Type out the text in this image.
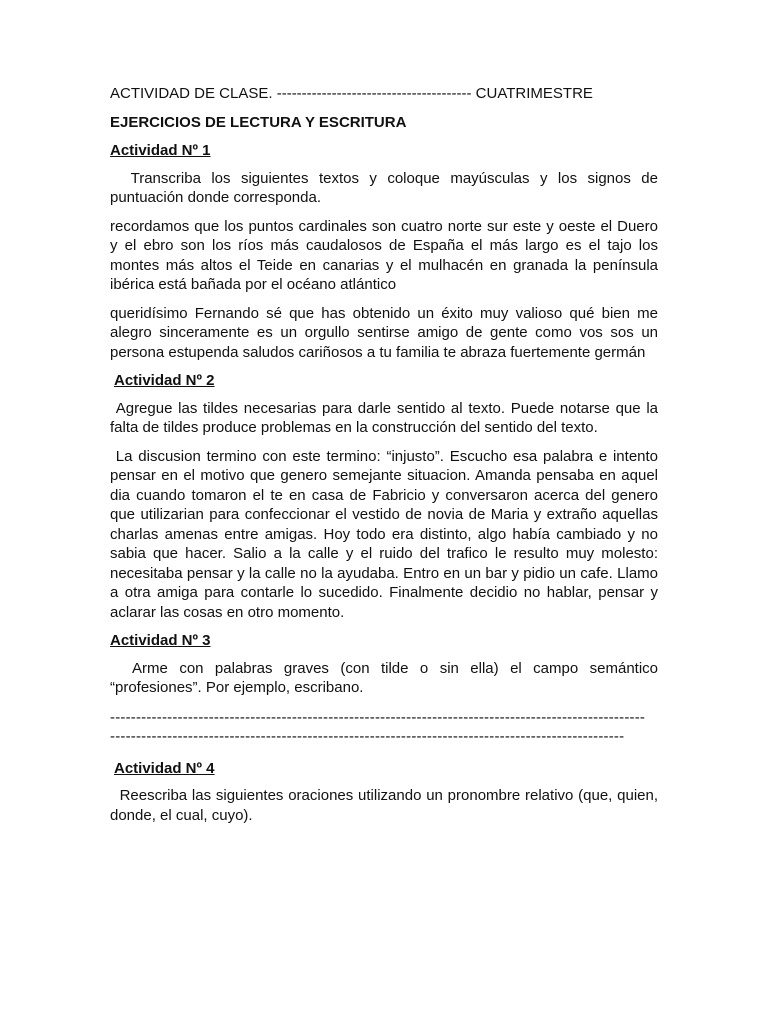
ACTIVIDAD DE CLASE. --------------------------------------- CUATRIMESTRE

EJERCICIOS DE LECTURA Y ESCRITURA

Actividad Nº 1

Transcriba los siguientes textos y coloque mayúsculas y los signos de puntuación donde corresponda.

recordamos que los puntos cardinales son cuatro norte sur este y oeste el Duero y el ebro son los ríos más caudalosos de España el más largo es el tajo los montes más altos el Teide en canarias y el mulhacén en granada la península ibérica está bañada por el océano atlántico

queridísimo Fernando sé que has obtenido un éxito muy valioso qué bien me alegro sinceramente es un orgullo sentirse amigo de gente como vos sos un persona estupenda saludos cariñosos a tu familia te abraza fuertemente germán

Actividad Nº 2

Agregue las tildes necesarias para darle sentido al texto. Puede notarse que la falta de tildes produce problemas en la construcción del sentido del texto.

La discusion termino con este termino: “injusto”. Escucho esa palabra e intento pensar en el motivo que genero semejante situacion. Amanda pensaba en aquel dia cuando tomaron el te en casa de Fabricio y conversaron acerca del genero que utilizarian para confeccionar el vestido de novia de Maria y extraño aquellas charlas amenas entre amigas. Hoy todo era distinto, algo había cambiado y no sabia que hacer. Salio a la calle y el ruido del trafico le resulto muy molesto: necesitaba pensar y la calle no la ayudaba. Entro en un bar y pidio un cafe. Llamo a otra amiga para contarle lo sucedido. Finalmente decidio no hablar, pensar y aclarar las cosas en otro momento.

Actividad Nº 3

Arme con palabras graves (con tilde o sin ella) el campo semántico “profesiones”. Por ejemplo, escribano.

-------------------------------------------------------------------------------------------------------

---------------------------------------------------------------------------------------------------

Actividad Nº 4

Reescriba las siguientes oraciones utilizando un pronombre relativo (que, quien, donde, el cual, cuyo).
